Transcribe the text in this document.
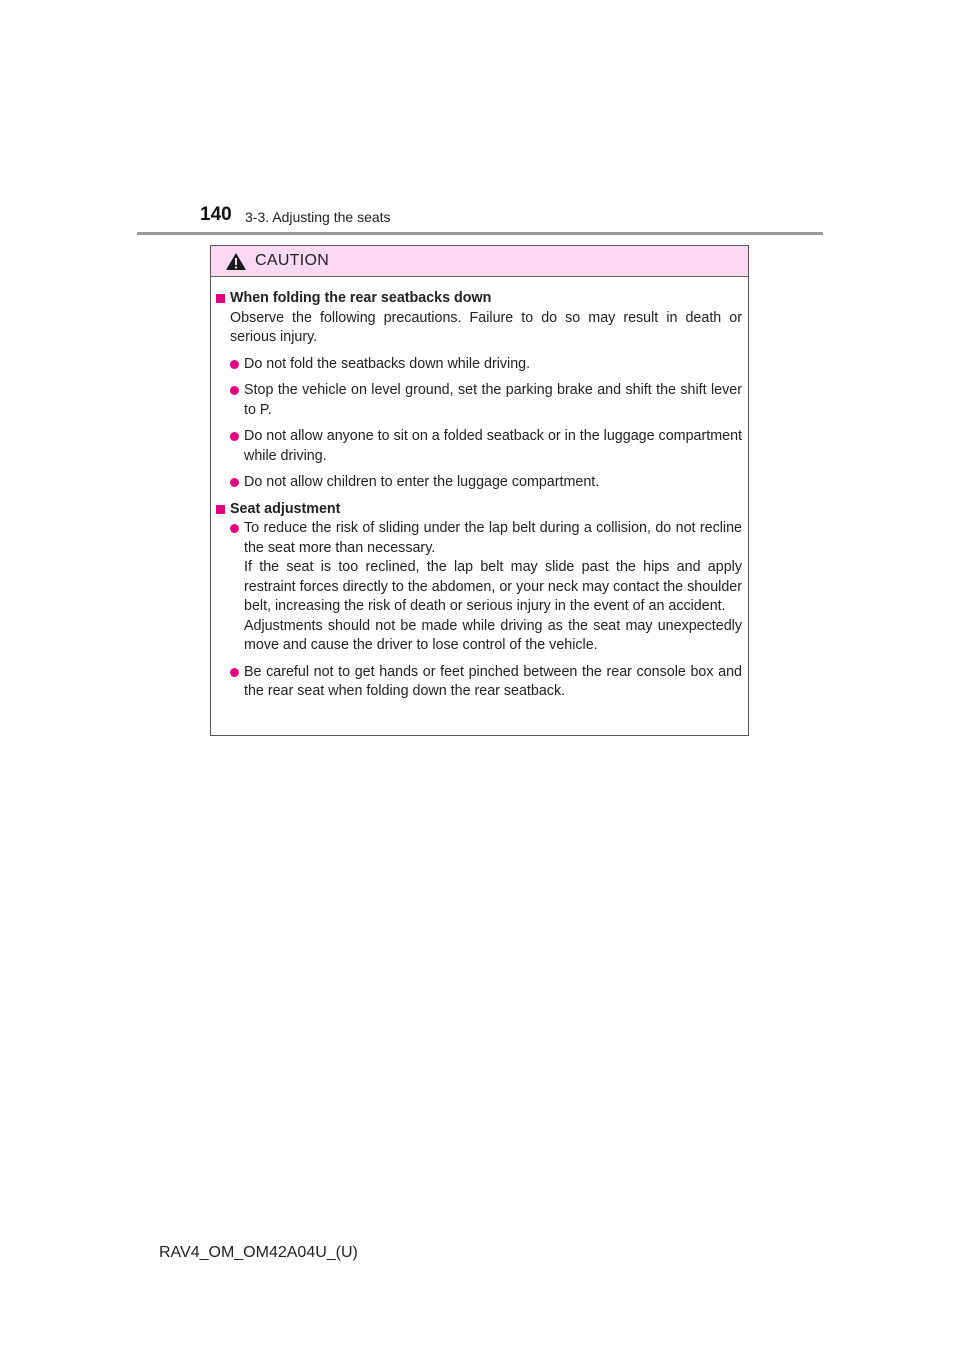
140 3-3. Adjusting the seats
CAUTION
When folding the rear seatbacks down
Observe the following precautions. Failure to do so may result in death or serious injury.

Do not fold the seatbacks down while driving.

Stop the vehicle on level ground, set the parking brake and shift the shift lever to P.

Do not allow anyone to sit on a folded seatback or in the luggage compartment while driving.

Do not allow children to enter the luggage compartment.

Seat adjustment

To reduce the risk of sliding under the lap belt during a collision, do not recline the seat more than necessary.

If the seat is too reclined, the lap belt may slide past the hips and apply restraint forces directly to the abdomen, or your neck may contact the shoulder belt, increasing the risk of death or serious injury in the event of an accident.

Adjustments should not be made while driving as the seat may unexpectedly move and cause the driver to lose control of the vehicle.

Be careful not to get hands or feet pinched between the rear console box and the rear seat when folding down the rear seatback.

RAV4_OM_OM42A04U_(U)
